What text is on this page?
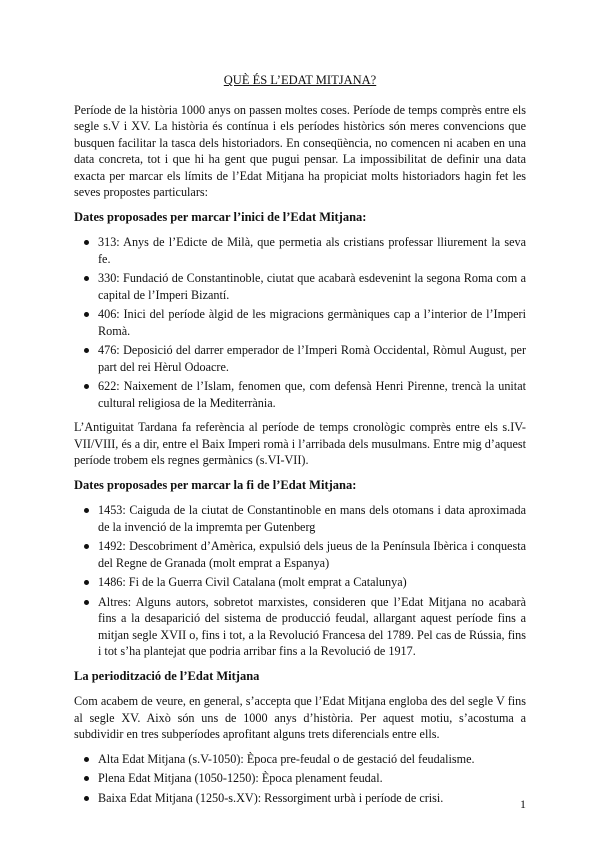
QUÈ ÉS L’EDAT MITJANA?

Període de la història 1000 anys on passen moltes coses. Període de temps comprès entre els segle s.V i XV. La història és contínua i els períodes històrics són meres convencions que busquen facilitar la tasca dels historiadors. En conseqüència, no comencen ni acaben en una data concreta, tot i que hi ha gent que pugui pensar. La impossibilitat de definir una data exacta per marcar els límits de l’Edat Mitjana ha propiciat molts historiadors hagin fet les seves propostes particulars:

Dates proposades per marcar l’inici de l’Edat Mitjana:
313: Anys de l’Edicte de Milà, que permetia als cristians professar lliurement la seva fe.
330: Fundació de Constantinoble, ciutat que acabarà esdevenint la segona Roma com a capital de l’Imperi Bizantí.
406: Inici del període àlgid de les migracions germàniques cap a l’interior de l’Imperi Romà.
476: Deposició del darrer emperador de l’Imperi Romà Occidental, Ròmul August, per part del rei Hèrul Odoacre.
622: Naixement de l’Islam, fenomen que, com defensà Henri Pirenne, trencà la unitat cultural religiosa de la Mediterrània.

L’Antiguitat Tardana fa referència al període de temps cronològic comprès entre els s.IV-VII/VIII, és a dir, entre el Baix Imperi romà i l’arribada dels musulmans. Entre mig d’aquest període trobem els regnes germànics (s.VI-VII).

Dates proposades per marcar la fi de l’Edat Mitjana:
1453: Caiguda de la ciutat de Constantinoble en mans dels otomans i data aproximada de la invenció de la impremta per Gutenberg
1492: Descobriment d’Amèrica, expulsió dels jueus de la Península Ibèrica i conquesta del Regne de Granada (molt emprat a Espanya)
1486: Fi de la Guerra Civil Catalana (molt emprat a Catalunya)
Altres: Alguns autors, sobretot marxistes, consideren que l’Edat Mitjana no acabarà fins a la desaparició del sistema de producció feudal, allargant aquest període fins a mitjan segle XVII o, fins i tot, a la Revolució Francesa del 1789. Pel cas de Rússia, fins i tot s’ha plantejat que podria arribar fins a la Revolució de 1917.
La periodització de l’Edat Mitjana

Com acabem de veure, en general, s’accepta que l’Edat Mitjana engloba des del segle V fins al segle XV. Això són uns de 1000 anys d’història. Per aquest motiu, s’acostuma a subdividir en tres subperíodes aprofitant alguns trets diferencials entre ells.

Alta Edat Mitjana (s.V-1050): Època pre-feudal o de gestació del feudalisme.
Plena Edat Mitjana (1050-1250): Època plenament feudal.
Baixa Edat Mitjana (1250-s.XV): Ressorgiment urbà i període de crisi.	1
